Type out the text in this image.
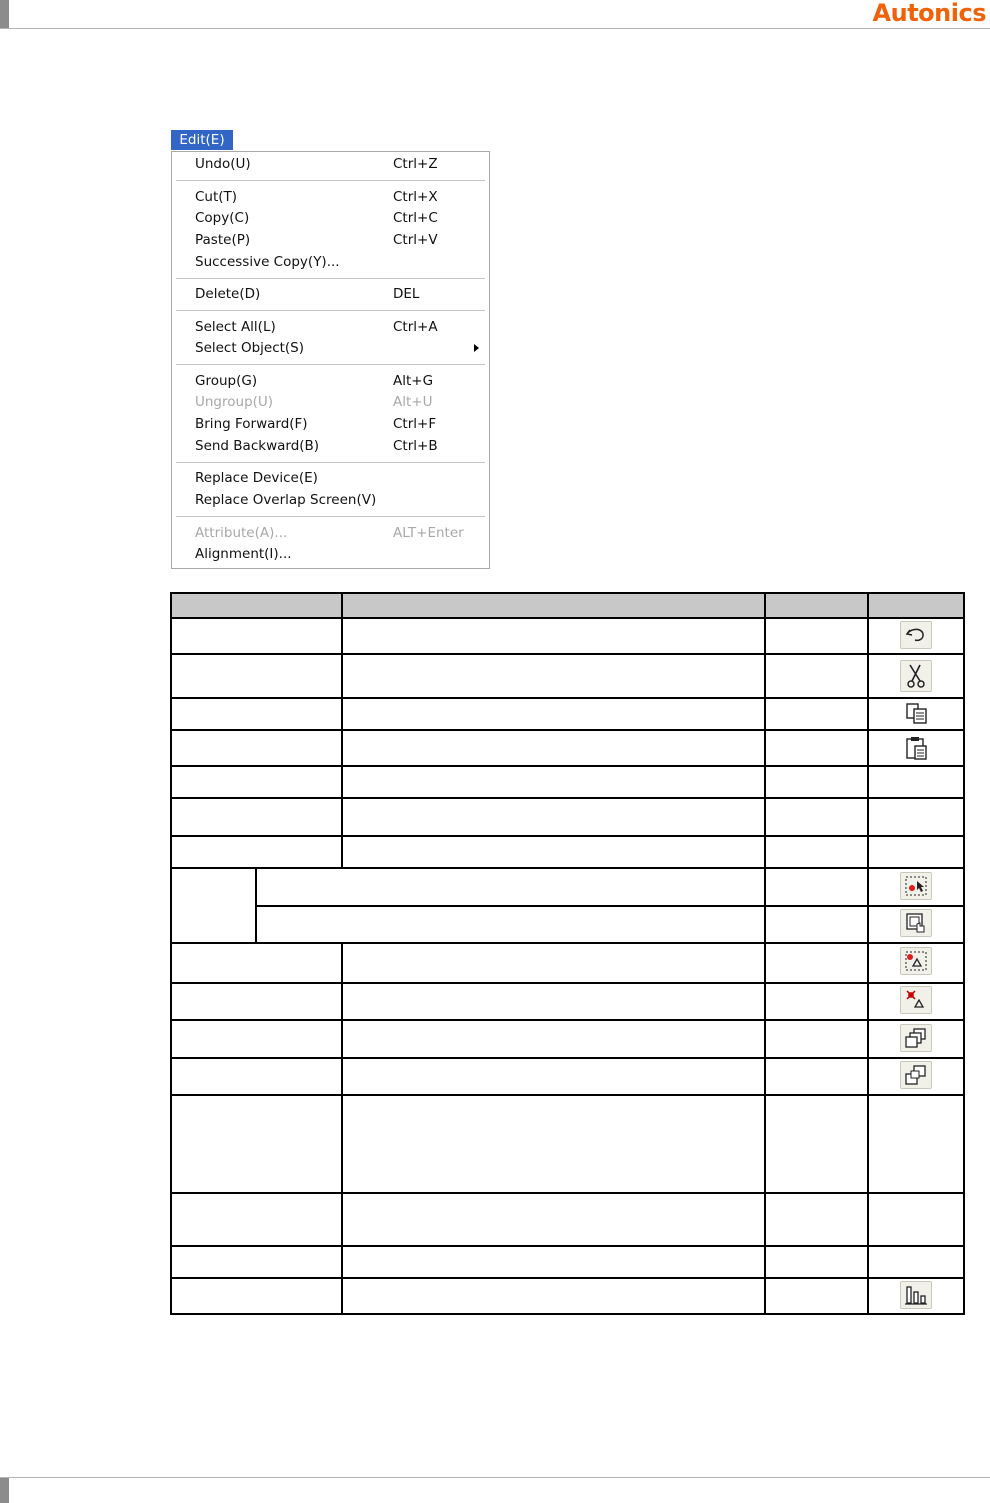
Autonics
Edit(E)
Undo(U)	Ctrl+Z
Cut(T)	Ctrl+X
Copy(C)	Ctrl+C
Paste(P)	Ctrl+V
Successive Copy(Y)...
Delete(D)	DEL
Select All(L)	Ctrl+A
Select Object(S)
Group(G)	Alt+G
Ungroup(U)	Alt+U
Bring Forward(F)	Ctrl+F
Send Backward(B)	Ctrl+B
Replace Device(E)
Replace Overlap Screen(V)
Attribute(A)...	ALT+Enter
Alignment(I)...
